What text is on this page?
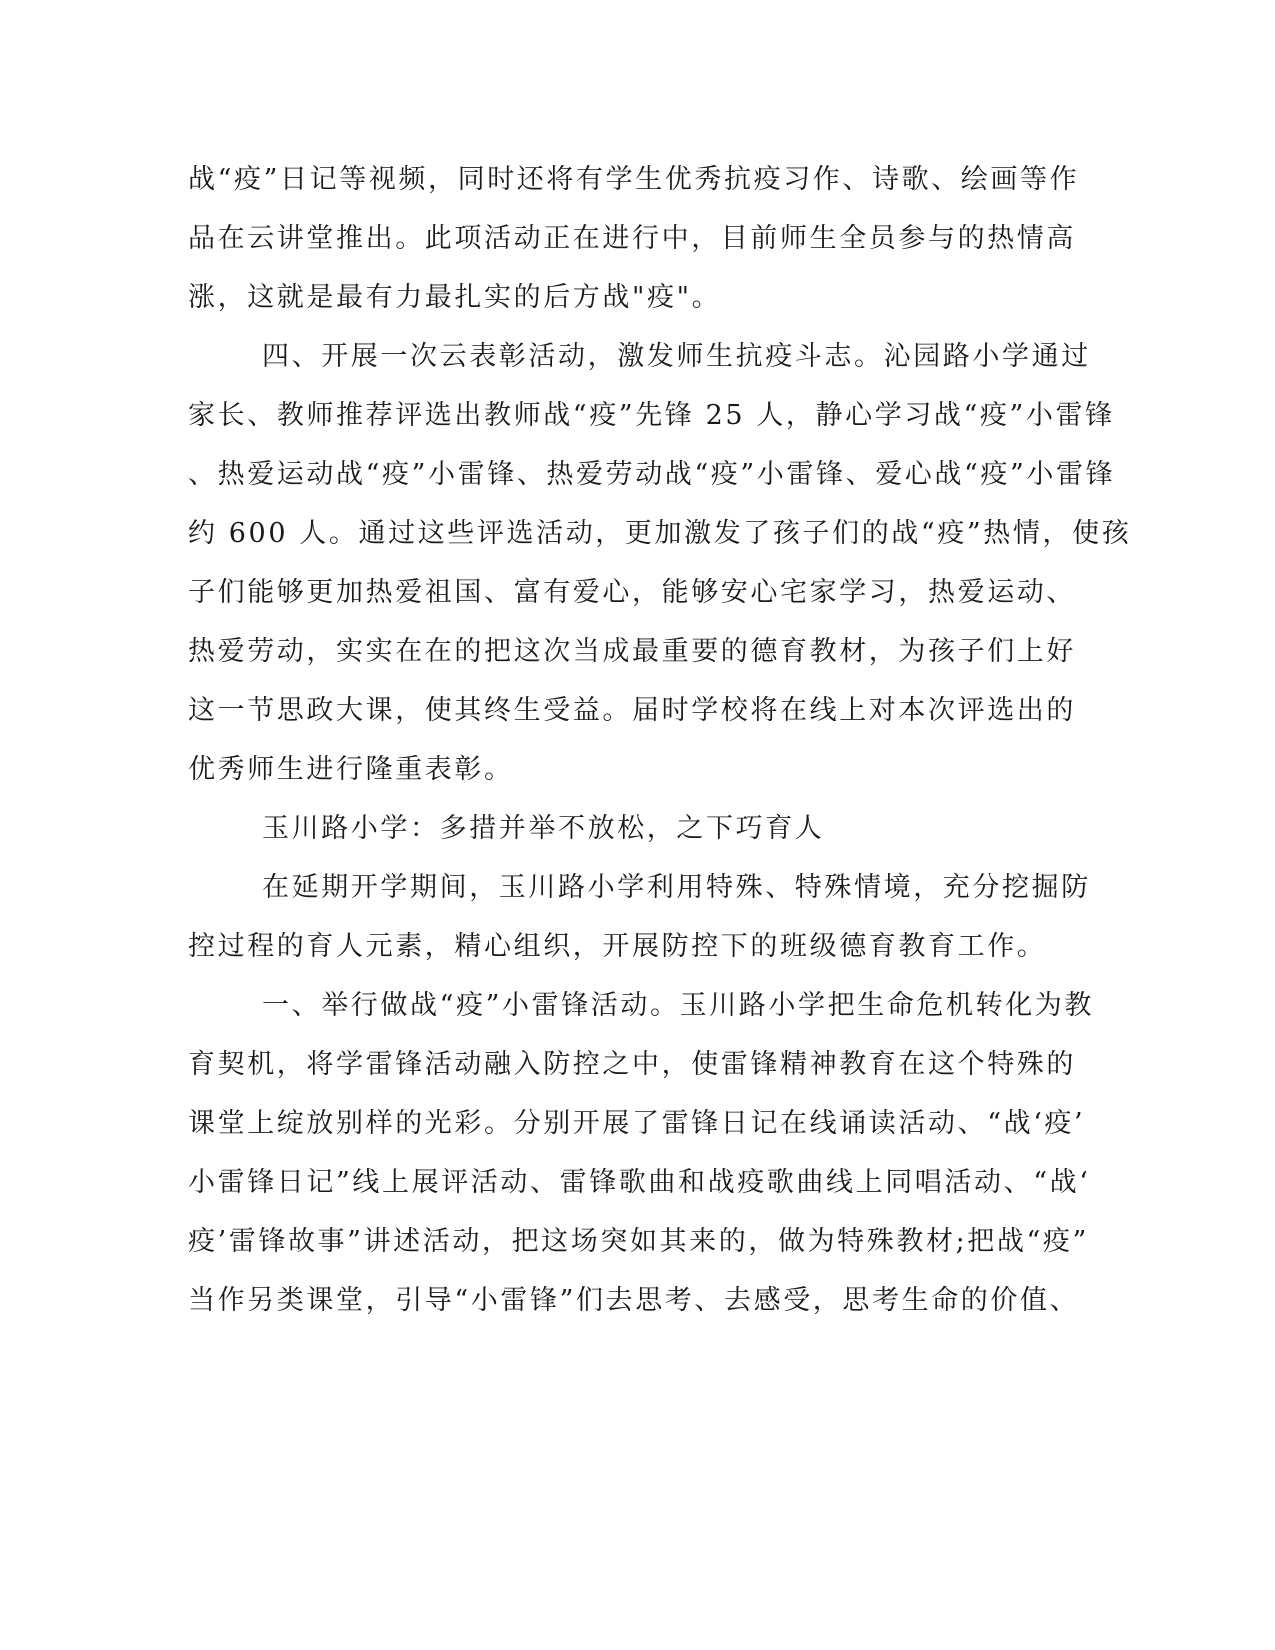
战“疫”日记等视频，同时还将有学生优秀抗疫习作、诗歌、绘画等作
品在云讲堂推出。此项活动正在进行中，目前师生全员参与的热情高
涨，这就是最有力最扎实的后方战"疫"。
四、开展一次云表彰活动，激发师生抗疫斗志。沁园路小学通过
家长、教师推荐评选出教师战“疫”先锋 25 人，静心学习战“疫”小雷锋
、热爱运动战“疫”小雷锋、热爱劳动战“疫”小雷锋、爱心战“疫”小雷锋
约 600 人。通过这些评选活动，更加激发了孩子们的战“疫”热情，使孩
子们能够更加热爱祖国、富有爱心，能够安心宅家学习，热爱运动、
热爱劳动，实实在在的把这次当成最重要的德育教材，为孩子们上好
这一节思政大课，使其终生受益。届时学校将在线上对本次评选出的
优秀师生进行隆重表彰。
玉川路小学：多措并举不放松，之下巧育人
在延期开学期间，玉川路小学利用特殊、特殊情境，充分挖掘防
控过程的育人元素，精心组织，开展防控下的班级德育教育工作。
一、举行做战“疫”小雷锋活动。玉川路小学把生命危机转化为教
育契机，将学雷锋活动融入防控之中，使雷锋精神教育在这个特殊的
课堂上绽放别样的光彩。分别开展了雷锋日记在线诵读活动、“战‘疫’
小雷锋日记”线上展评活动、雷锋歌曲和战疫歌曲线上同唱活动、“战‘
疫’雷锋故事”讲述活动，把这场突如其来的，做为特殊教材;把战“疫”
当作另类课堂，引导“小雷锋”们去思考、去感受，思考生命的价值、
